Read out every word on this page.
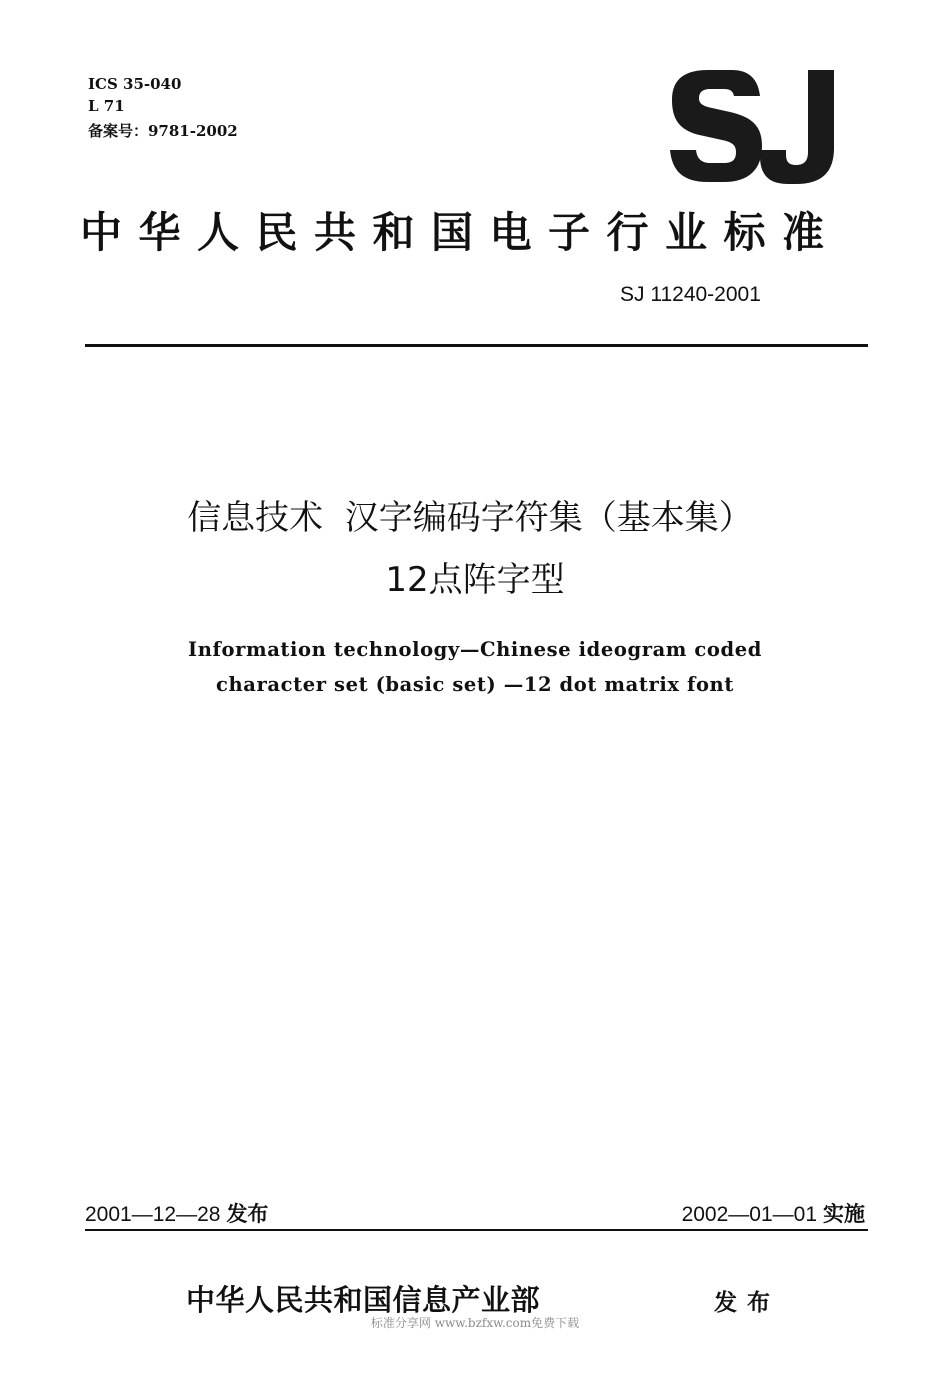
ICS 35-040
L 71
备案号：9781-2002
中华人民共和国电子行业标准
SJ 11240-2001
信息技术  汉字编码字符集（基本集）
12点阵字型
Information technology—Chinese ideogram coded
character set (basic set) —12 dot matrix font
2001—12—28 发布	2002—01—01 实施
中华人民共和国信息产业部	发布
标准分享网 www.bzfxw.com免费下载
